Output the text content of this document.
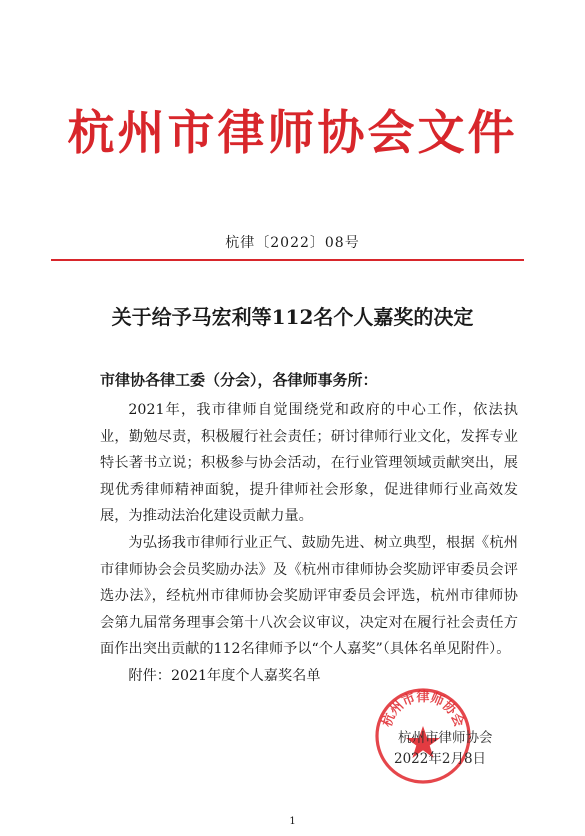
杭州市律师协会文件
杭律〔2022〕08号
关于给予马宏利等112名个人嘉奖的决定
市律协各律工委（分会），各律师事务所：

2021年，我市律师自觉围绕党和政府的中心工作，依法执业，勤勉尽责，积极履行社会责任；研讨律师行业文化，发挥专业特长著书立说；积极参与协会活动，在行业管理领域贡献突出，展现优秀律师精神面貌，提升律师社会形象，促进律师行业高效发展，为推动法治化建设贡献力量。

为弘扬我市律师行业正气、鼓励先进、树立典型，根据《杭州市律师协会会员奖励办法》及《杭州市律师协会奖励评审委员会评选办法》，经杭州市律师协会奖励评审委员会评选，杭州市律师协会第九届常务理事会第十八次会议审议，决定对在履行社会责任方面作出突出贡献的112名律师予以“个人嘉奖”（具体名单见附件）。

附件：2021年度个人嘉奖名单

杭州市律师协会
杭州市律师协会
2022年2月8日
1
